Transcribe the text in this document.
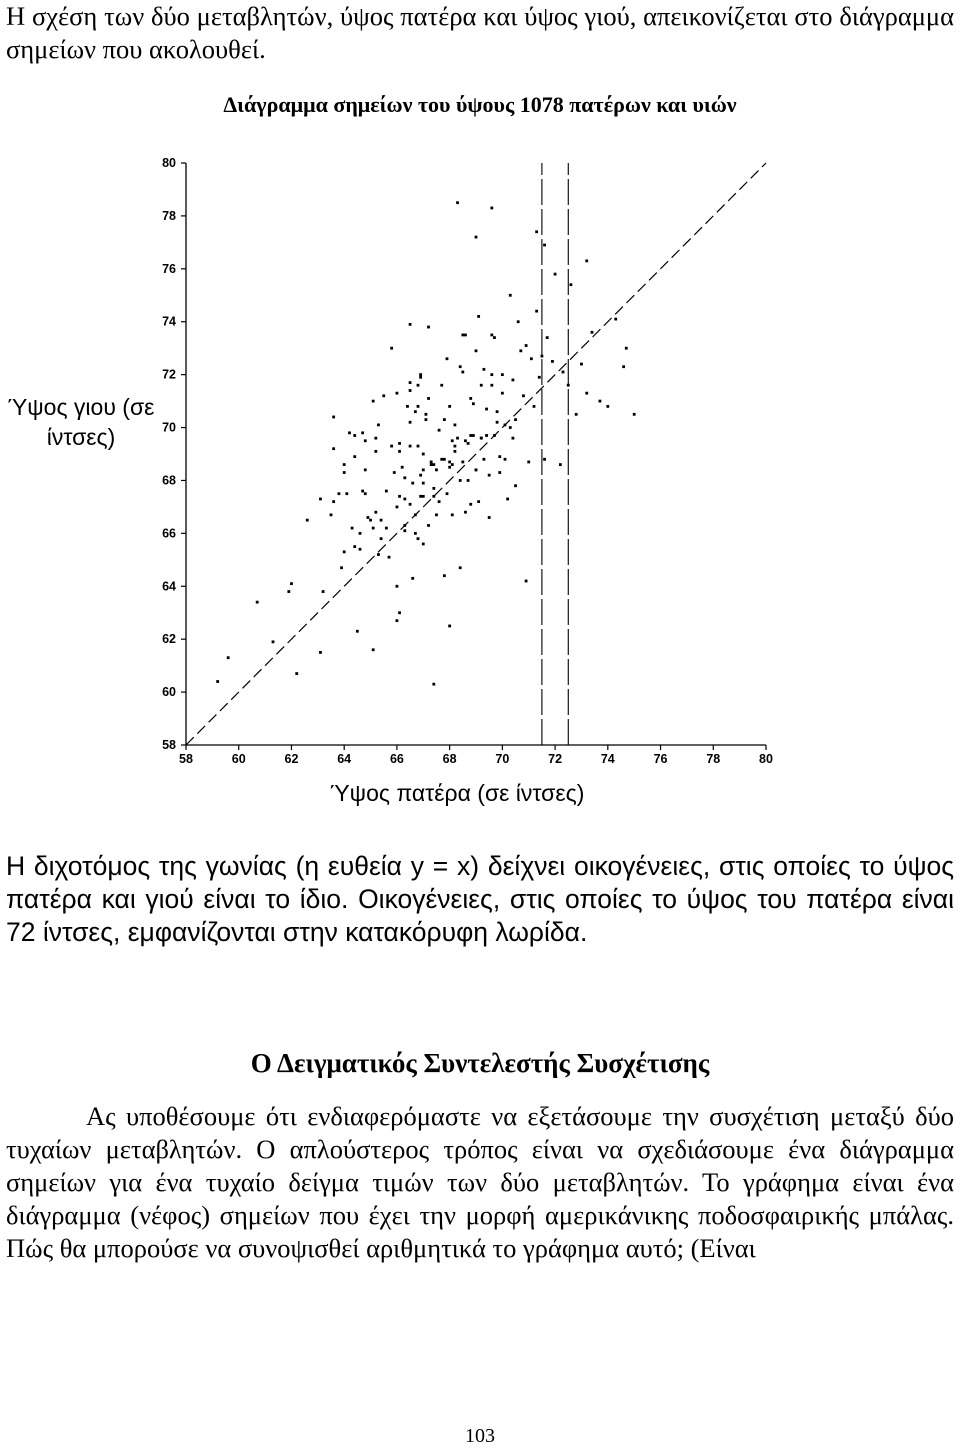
Η σχέση των δύο μεταβλητών, ύψος πατέρα και ύψος γιού, απεικονίζεται στο διάγραμμα σημείων που ακολουθεί.

Διάγραμμα σημείων του ύψους 1078 πατέρων και υιών
58	60	62	64	66	68	70	72	74	76	78	80
58
60
62
64
66
68
70
72
74
76
78
80
Ύψος γιου (σε ίντσες)
Ύψος πατέρα (σε ίντσες)

Η διχοτόμος της γωνίας (η ευθεία y = x) δείχνει οικογένειες, στις οποίες το ύψος πατέρα και γιού είναι το ίδιο. Οικογένειες, στις οποίες το ύψος του πατέρα είναι 72 ίντσες, εμφανίζονται στην κατακόρυφη λωρίδα.

Ο Δειγματικός Συντελεστής Συσχέτισης

Ας υποθέσουμε ότι ενδιαφερόμαστε να εξετάσουμε την συσχέτιση μεταξύ δύο τυχαίων μεταβλητών. Ο απλούστερος τρόπος είναι να σχεδιάσουμε ένα διάγραμμα σημείων για ένα τυχαίο δείγμα τιμών των δύο μεταβλητών. Το γράφημα είναι ένα διάγραμμα (νέφος) σημείων που έχει την μορφή αμερικάνικης ποδοσφαιρικής μπάλας. Πώς θα μπορούσε να συνοψισθεί αριθμητικά το γράφημα αυτό; (Είναι

103
